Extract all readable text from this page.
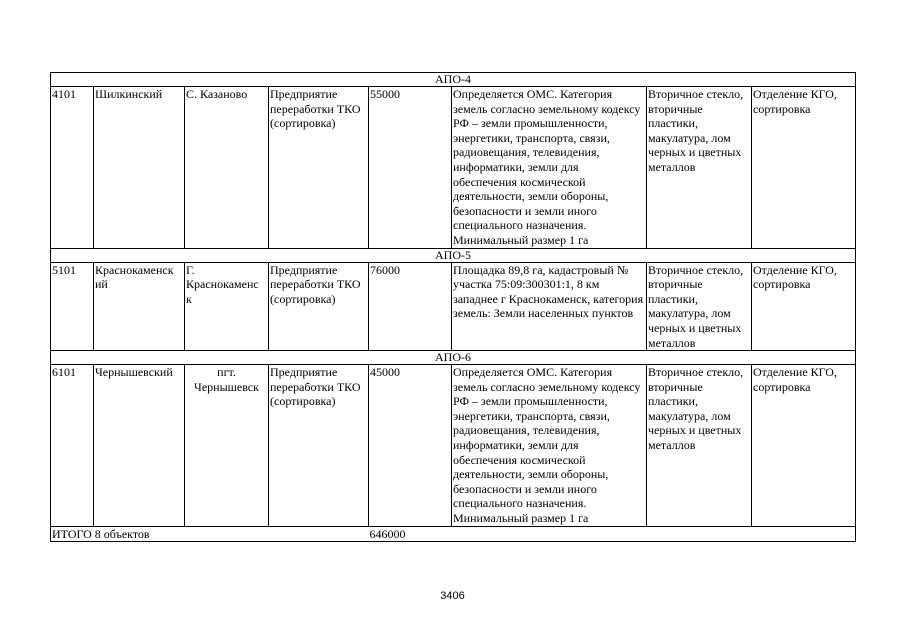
АПО-4							
4101	Шилкинский	С. Казаново	Предприятие переработки ТКО (сортировка)	55000	Определяется ОМС. Категория земель согласно земельному кодексу РФ – земли промышленности, энергетики, транспорта, связи, радиовещания, телевидения, информатики, земли для обеспечения космической деятельности, земли обороны, безопасности и земли иного специального назначения. Минимальный размер 1 га	Вторичное стекло, вторичные пластики, макулатура, лом черных и цветных металлов	Отделение КГО, сортировка
АПО-5							
5101	Краснокаменск ий	Г. Краснокаменс к	Предприятие переработки ТКО (сортировка)	76000	Площадка 89,8 га, кадастровый № участка 75:09:300301:1, 8 км западнее г Краснокаменск, категория земель: Земли населенных пунктов	Вторичное стекло, вторичные пластики, макулатура, лом черных и цветных металлов	Отделение КГО, сортировка
АПО-6							
6101	Чернышевский	пгт. Чернышевск	Предприятие переработки ТКО (сортировка)	45000	Определяется ОМС. Категория земель согласно земельному кодексу РФ – земли промышленности, энергетики, транспорта, связи, радиовещания, телевидения, информатики, земли для обеспечения космической деятельности, земли обороны, безопасности и земли иного специального назначения. Минимальный размер 1 га	Вторичное стекло, вторичные пластики, макулатура, лом черных и цветных металлов	Отделение КГО, сортировка
ИТОГО 8 объектов				646000			
3406
